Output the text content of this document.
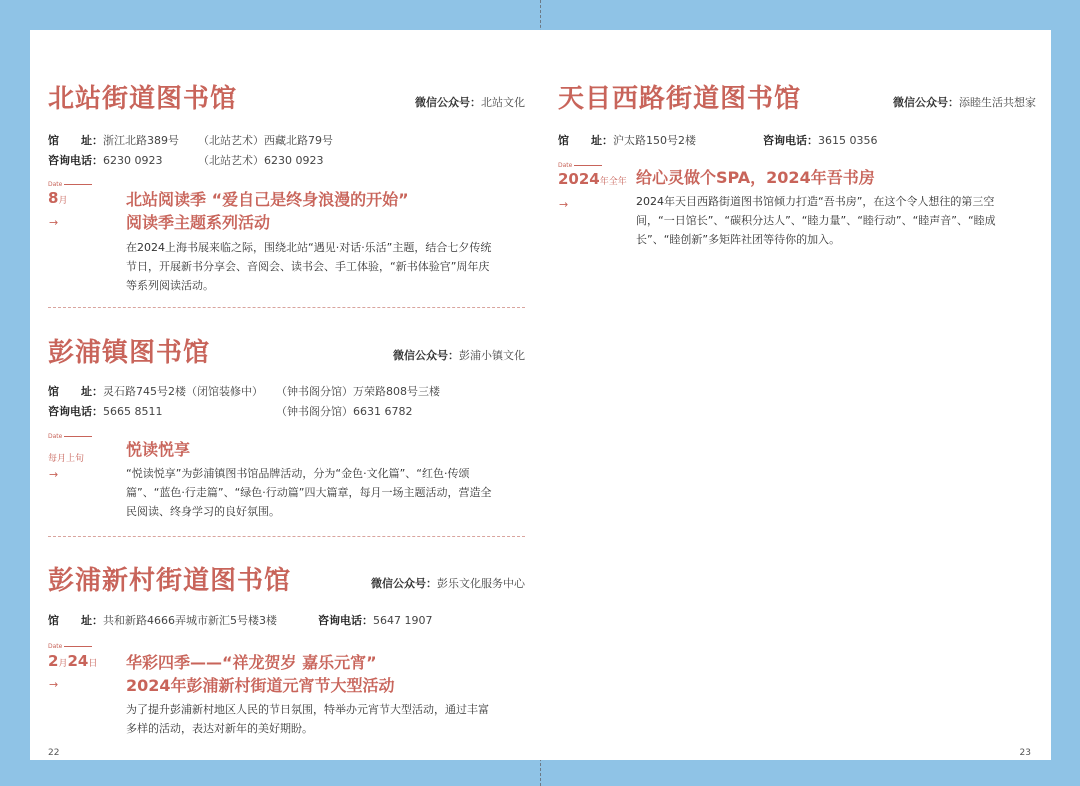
北站街道图书馆	微信公众号：北站文化
馆　　址：浙江北路389号 （北站艺术）西藏北路79号
咨询电话：6230 0923	（北站艺术）6230 0923
Date
8月
→
北站阅读季 “爱自己是终身浪漫的开始”
阅读季主题系列活动
在2024上海书展来临之际，围绕北站“遇见·对话·乐活”主题，结合七夕传统节日，开展新书分享会、音阅会、读书会、手工体验，“新书体验官”周年庆等系列阅读活动。
彭浦镇图书馆	微信公众号：彭浦小镇文化
馆　　址：灵石路745号2楼（闭馆装修中） （钟书阁分馆）万荣路808号三楼
咨询电话：5665 8511	（钟书阁分馆）6631 6782
Date
每月上旬
→
悦读悦享
“悦读悦享”为彭浦镇图书馆品牌活动，分为“金色·文化篇”、“红色·传颂篇”、“蓝色·行走篇”、“绿色·行动篇”四大篇章，每月一场主题活动，营造全民阅读、终身学习的良好氛围。
彭浦新村街道图书馆	微信公众号：彭乐文化服务中心
馆　　址：共和新路4666弄城市新汇5号楼3楼	咨询电话：5647 1907
Date
2月24日
→
华彩四季——“祥龙贺岁 嘉乐元宵”
2024年彭浦新村街道元宵节大型活动
为了提升彭浦新村地区人民的节日氛围，特举办元宵节大型活动，通过丰富多样的活动，表达对新年的美好期盼。
22
天目西路街道图书馆	微信公众号：添睦生活共想家
馆　　址：沪太路150号2楼	咨询电话：3615 0356
Date
2024年全年
→
给心灵做个SPA，2024年吾书房
2024年天目西路街道图书馆倾力打造“吾书房”，在这个令人想往的第三空间，“一日馆长”、“碳积分达人”、“睦力量”、“睦行动”、“睦声音”、“睦成长”、“睦创新”多矩阵社团等待你的加入。
23
